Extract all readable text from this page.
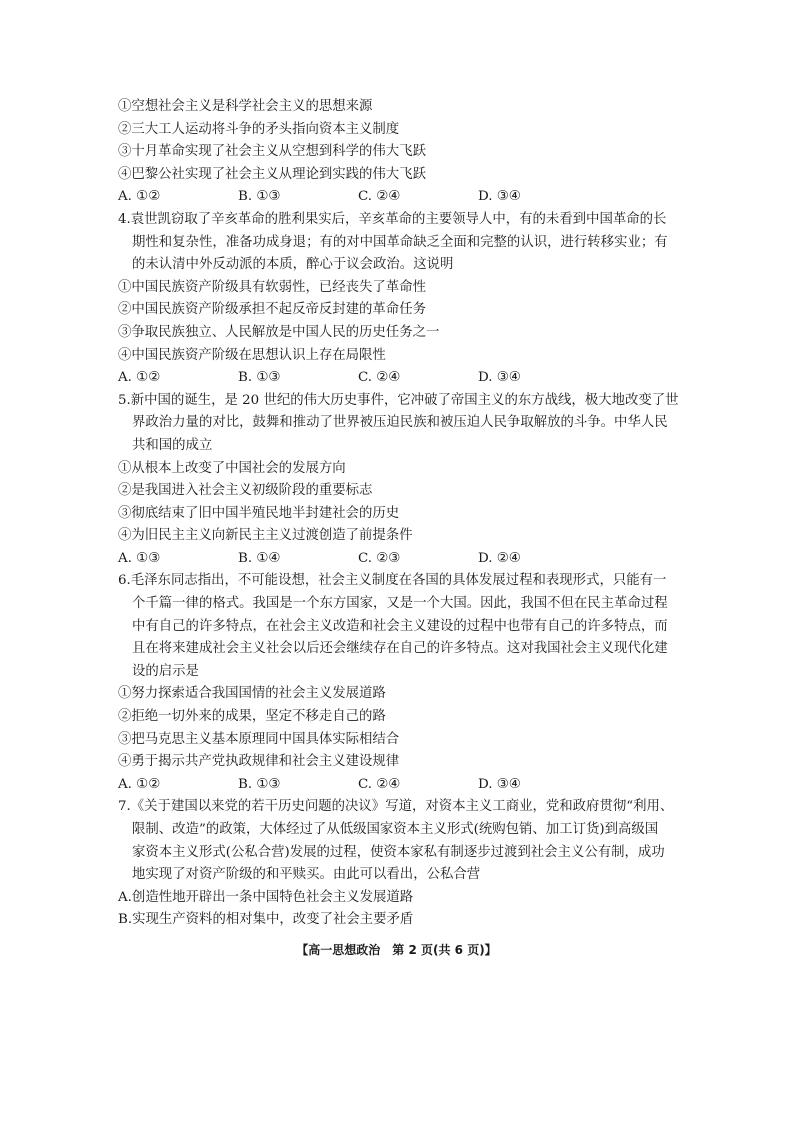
①空想社会主义是科学社会主义的思想来源
②三大工人运动将斗争的矛头指向资本主义制度
③十月革命实现了社会主义从空想到科学的伟大飞跃
④巴黎公社实现了社会主义从理论到实践的伟大飞跃
A. ①②	B. ①③	C. ②④	D. ③④
4.袁世凯窃取了辛亥革命的胜利果实后，辛亥革命的主要领导人中，有的未看到中国革命的长
期性和复杂性，准备功成身退；有的对中国革命缺乏全面和完整的认识，进行转移实业；有
的未认清中外反动派的本质，醉心于议会政治。这说明
①中国民族资产阶级具有软弱性，已经丧失了革命性
②中国民族资产阶级承担不起反帝反封建的革命任务
③争取民族独立、人民解放是中国人民的历史任务之一
④中国民族资产阶级在思想认识上存在局限性
A. ①②	B. ①③	C. ②④	D. ③④
5.新中国的诞生，是 20 世纪的伟大历史事件，它冲破了帝国主义的东方战线，极大地改变了世
界政治力量的对比，鼓舞和推动了世界被压迫民族和被压迫人民争取解放的斗争。中华人民
共和国的成立
①从根本上改变了中国社会的发展方向
②是我国进入社会主义初级阶段的重要标志
③彻底结束了旧中国半殖民地半封建社会的历史
④为旧民主主义向新民主主义过渡创造了前提条件
A. ①③	B. ①④	C. ②③	D. ②④
6.毛泽东同志指出，不可能设想，社会主义制度在各国的具体发展过程和表现形式，只能有一
个千篇一律的格式。我国是一个东方国家，又是一个大国。因此，我国不但在民主革命过程
中有自己的许多特点，在社会主义改造和社会主义建设的过程中也带有自己的许多特点，而
且在将来建成社会主义社会以后还会继续存在自己的许多特点。这对我国社会主义现代化建
设的启示是
①努力探索适合我国国情的社会主义发展道路
②拒绝一切外来的成果，坚定不移走自己的路
③把马克思主义基本原理同中国具体实际相结合
④勇于揭示共产党执政规律和社会主义建设规律
A. ①②	B. ①③	C. ②④	D. ③④
7.《关于建国以来党的若干历史问题的决议》写道，对资本主义工商业，党和政府贯彻“利用、
限制、改造”的政策，大体经过了从低级国家资本主义形式(统购包销、加工订货)到高级国
家资本主义形式(公私合营)发展的过程，使资本家私有制逐步过渡到社会主义公有制，成功
地实现了对资产阶级的和平赎买。由此可以看出，公私合营
A.创造性地开辟出一条中国特色社会主义发展道路
B.实现生产资料的相对集中，改变了社会主要矛盾
【高一思想政治　第 2 页(共 6 页)】
